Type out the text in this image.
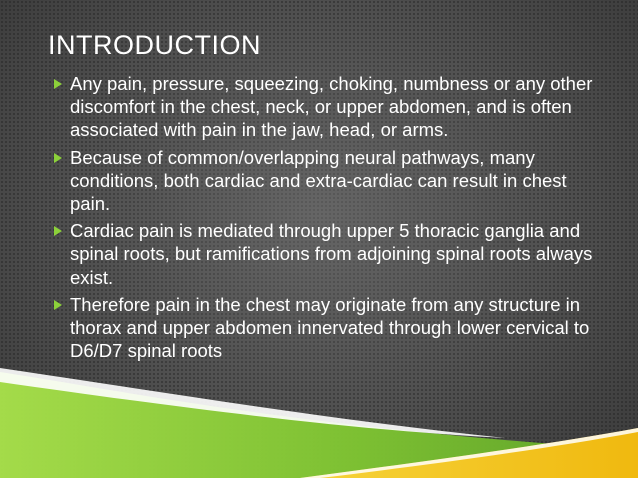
INTRODUCTION
Any pain, pressure, squeezing, choking, numbness or any other discomfort in the chest, neck, or upper abdomen, and is often associated with pain in the jaw, head, or arms.
Because of common/overlapping neural pathways, many conditions, both cardiac and extra-cardiac can result in chest pain.
Cardiac pain is mediated through upper 5 thoracic ganglia and spinal roots, but ramifications from adjoining spinal roots always exist.
Therefore pain in the chest may originate from any structure in thorax and upper abdomen innervated through lower cervical to D6/D7 spinal roots
